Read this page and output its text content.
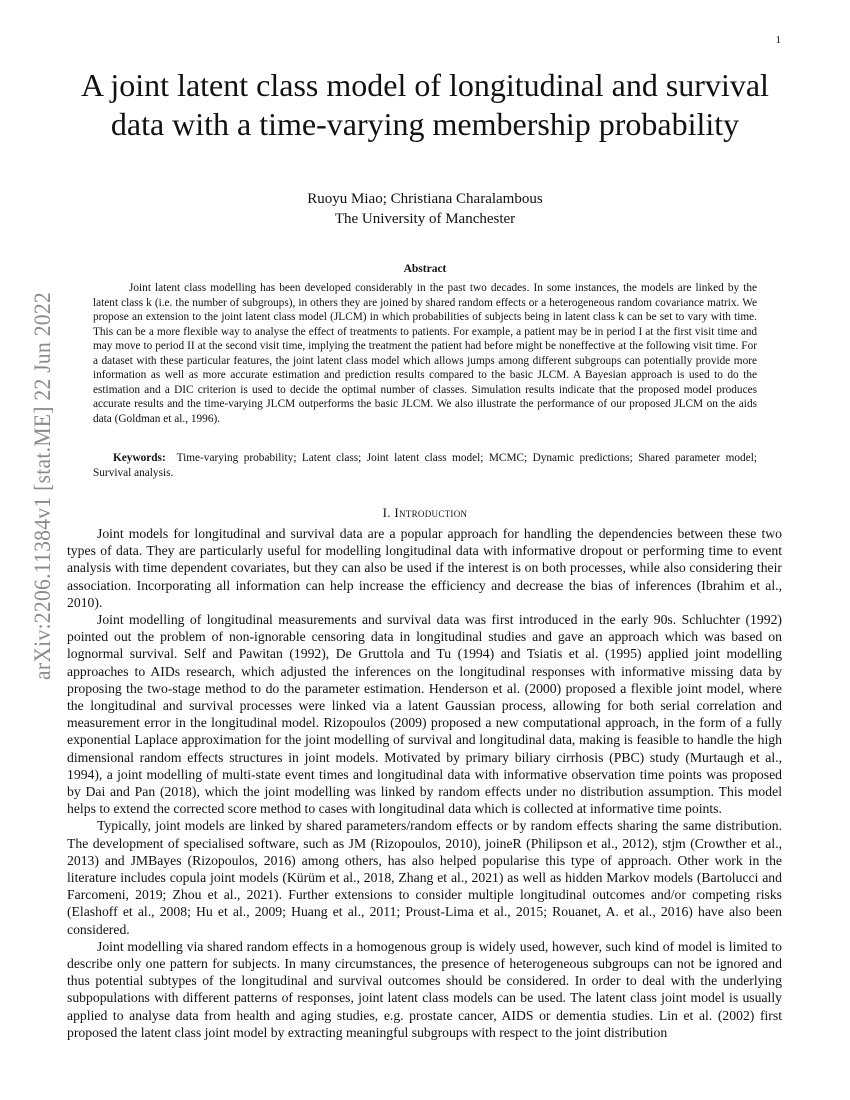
1
arXiv:2206.11384v1 [stat.ME] 22 Jun 2022
A joint latent class model of longitudinal and survival data with a time-varying membership probability
Ruoyu Miao; Christiana Charalambous
The University of Manchester
Abstract

Joint latent class modelling has been developed considerably in the past two decades. In some instances, the models are linked by the latent class k (i.e. the number of subgroups), in others they are joined by shared random effects or a heterogeneous random covariance matrix. We propose an extension to the joint latent class model (JLCM) in which probabilities of subjects being in latent class k can be set to vary with time. This can be a more flexible way to analyse the effect of treatments to patients. For example, a patient may be in period I at the first visit time and may move to period II at the second visit time, implying the treatment the patient had before might be noneffective at the following visit time. For a dataset with these particular features, the joint latent class model which allows jumps among different subgroups can potentially provide more information as well as more accurate estimation and prediction results compared to the basic JLCM. A Bayesian approach is used to do the estimation and a DIC criterion is used to decide the optimal number of classes. Simulation results indicate that the proposed model produces accurate results and the time-varying JLCM outperforms the basic JLCM. We also illustrate the performance of our proposed JLCM on the aids data (Goldman et al., 1996).

Keywords: Time-varying probability; Latent class; Joint latent class model; MCMC; Dynamic predictions; Shared parameter model; Survival analysis.

I. Introduction

Joint models for longitudinal and survival data are a popular approach for handling the dependencies between these two types of data. They are particularly useful for modelling longitudinal data with informative dropout or performing time to event analysis with time dependent covariates, but they can also be used if the interest is on both processes, while also considering their association. Incorporating all information can help increase the efficiency and decrease the bias of inferences (Ibrahim et al., 2010).

Joint modelling of longitudinal measurements and survival data was first introduced in the early 90s. Schluchter (1992) pointed out the problem of non-ignorable censoring data in longitudinal studies and gave an approach which was based on lognormal survival. Self and Pawitan (1992), De Gruttola and Tu (1994) and Tsiatis et al. (1995) applied joint modelling approaches to AIDs research, which adjusted the inferences on the longitudinal responses with informative missing data by proposing the two-stage method to do the parameter estimation. Henderson et al. (2000) proposed a flexible joint model, where the longitudinal and survival processes were linked via a latent Gaussian process, allowing for both serial correlation and measurement error in the longitudinal model. Rizopoulos (2009) proposed a new computational approach, in the form of a fully exponential Laplace approximation for the joint modelling of survival and longitudinal data, making is feasible to handle the high dimensional random effects structures in joint models. Motivated by primary biliary cirrhosis (PBC) study (Murtaugh et al., 1994), a joint modelling of multi-state event times and longitudinal data with informative observation time points was proposed by Dai and Pan (2018), which the joint modelling was linked by random effects under no distribution assumption. This model helps to extend the corrected score method to cases with longitudinal data which is collected at informative time points.

Typically, joint models are linked by shared parameters/random effects or by random effects sharing the same distribution. The development of specialised software, such as JM (Rizopoulos, 2010), joineR (Philipson et al., 2012), stjm (Crowther et al., 2013) and JMBayes (Rizopoulos, 2016) among others, has also helped popularise this type of approach. Other work in the literature includes copula joint models (Kürüm et al., 2018, Zhang et al., 2021) as well as hidden Markov models (Bartolucci and Farcomeni, 2019; Zhou et al., 2021). Further extensions to consider multiple longitudinal outcomes and/or competing risks (Elashoff et al., 2008; Hu et al., 2009; Huang et al., 2011; Proust-Lima et al., 2015; Rouanet, A. et al., 2016) have also been considered.

Joint modelling via shared random effects in a homogenous group is widely used, however, such kind of model is limited to describe only one pattern for subjects. In many circumstances, the presence of heterogeneous subgroups can not be ignored and thus potential subtypes of the longitudinal and survival outcomes should be considered. In order to deal with the underlying subpopulations with different patterns of responses, joint latent class models can be used. The latent class joint model is usually applied to analyse data from health and aging studies, e.g. prostate cancer, AIDS or dementia studies. Lin et al. (2002) first proposed the latent class joint model by extracting meaningful subgroups with respect to the joint distribution
